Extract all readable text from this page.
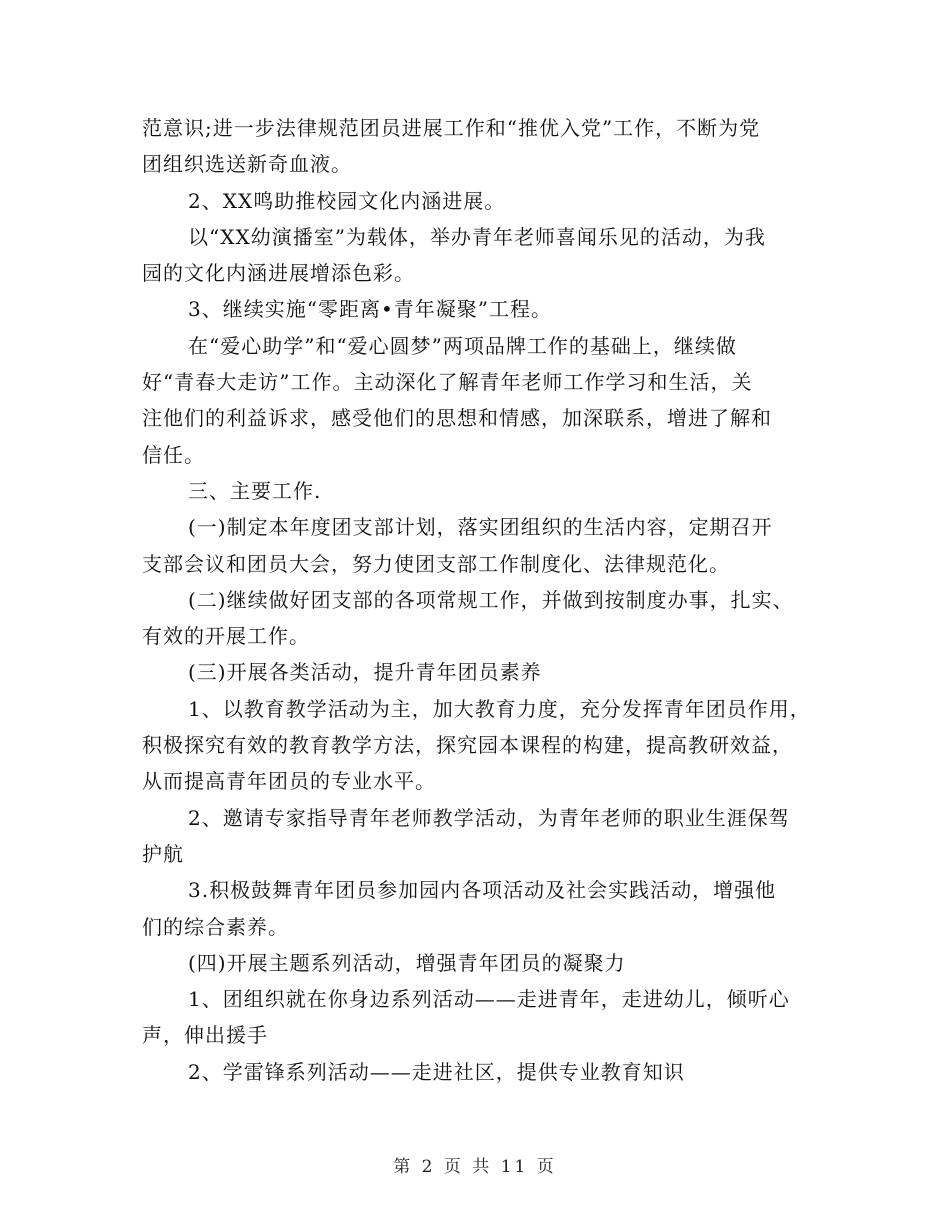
范意识;进一步法律规范团员进展工作和“推优入党”工作，不断为党
团组织选送新奇血液。
2、XX鸣助推校园文化内涵进展。
以“XX幼演播室”为载体，举办青年老师喜闻乐见的活动，为我
园的文化内涵进展增添色彩。
3、继续实施“零距离•青年凝聚”工程。
在“爱心助学”和“爱心圆梦”两项品牌工作的基础上，继续做
好“青春大走访”工作。主动深化了解青年老师工作学习和生活，关
注他们的利益诉求，感受他们的思想和情感，加深联系，增进了解和
信任。
三、主要工作.
(一)制定本年度团支部计划，落实团组织的生活内容，定期召开
支部会议和团员大会，努力使团支部工作制度化、法律规范化。
(二)继续做好团支部的各项常规工作，并做到按制度办事，扎实、
有效的开展工作。
(三)开展各类活动，提升青年团员素养
1、以教育教学活动为主，加大教育力度，充分发挥青年团员作用，
积极探究有效的教育教学方法，探究园本课程的构建，提高教研效益，
从而提高青年团员的专业水平。
2、邀请专家指导青年老师教学活动，为青年老师的职业生涯保驾
护航
3.积极鼓舞青年团员参加园内各项活动及社会实践活动，增强他
们的综合素养。
(四)开展主题系列活动，增强青年团员的凝聚力
1、团组织就在你身边系列活动——走进青年，走进幼儿，倾听心
声，伸出援手
2、学雷锋系列活动——走进社区，提供专业教育知识
第 2 页 共 11 页
